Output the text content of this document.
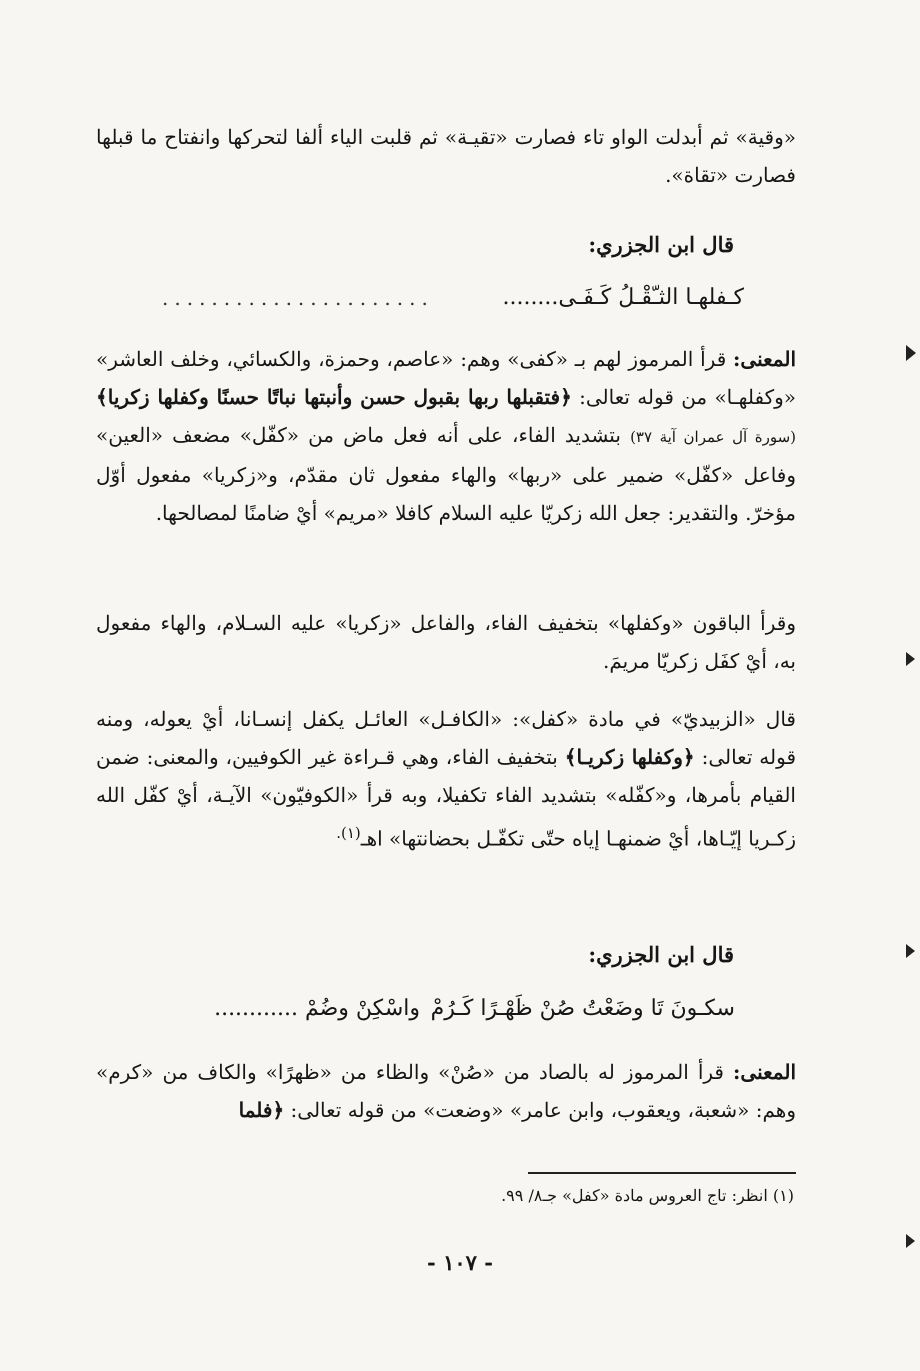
«وقية» ثم أبدلت الواو تاء فصارت «تقيـة» ثم قلبت الياء ألفا لتحركها وانفتاح ما قبلها فصارت «تقاة».
قال ابن الجزري:
كـفلهـا الثـّقْـلُ كَـفَـى........
......................
المعنى: قرأ المرموز لهم بـ «كفى» وهم: «عاصم، وحمزة، والكسائي، وخلف العاشر» «وكفلهـا» من قوله تعالى: ﴿فتقبلها ربها بقبول حسن وأنبتها نباتًا حسنًا وكفلها زكريا﴾ (سورة آل عمران آية ٣٧) بتشديد الفاء، على أنه فعل ماض من «كفّل» مضعف «العين» وفاعل «كفّل» ضمير على «ربها» والهاء مفعول ثان مقدّم، و«زكريا» مفعول أوّل مؤخرّ. والتقدير: جعل الله زكريّا عليه السلام كافلا «مريم» أيْ ضامنًا لمصالحها.
وقرأ الباقون «وكفلها» بتخفيف الفاء، والفاعل «زكريا» عليه السـلام، والهاء مفعول به، أيْ كفَل زكريّا مريمَ.
قال «الزبيديّ» في مادة «كفل»: «الكافـل» العائـل يكفل إنسـانا، أيْ يعوله، ومنه قوله تعالى: ﴿وكفلها زكريـا﴾ بتخفيف الفاء، وهي قـراءة غير الكوفيين، والمعنى: ضمن القيام بأمرها، و«كفّله» بتشديد الفاء تكفيلا، وبه قرأ «الكوفيّون» الآيـة، أيْ كفّل الله زكـريا إيّـاها، أيْ ضمنهـا إياه حتّى تكفّـل بحضانتها» اهـ$^{(١).}$
قال ابن الجزري:
سكـونَ تَا وضَعْتُ صُنْ ظَهْـرًا كَـرُمْ
واسْكِنْ وضُمْ ............
المعنى: قرأ المرموز له بالصاد من «صُنْ» والظاء من «ظهرًا» والكاف من «كرم» وهم: «شعبة، ويعقوب، وابن عامر» «وضعت» من قوله تعالى: ﴿فلما
(١) انظر: تاج العروس مادة «كفل» جـ٨/ ٩٩.
- ١٠٧ -
